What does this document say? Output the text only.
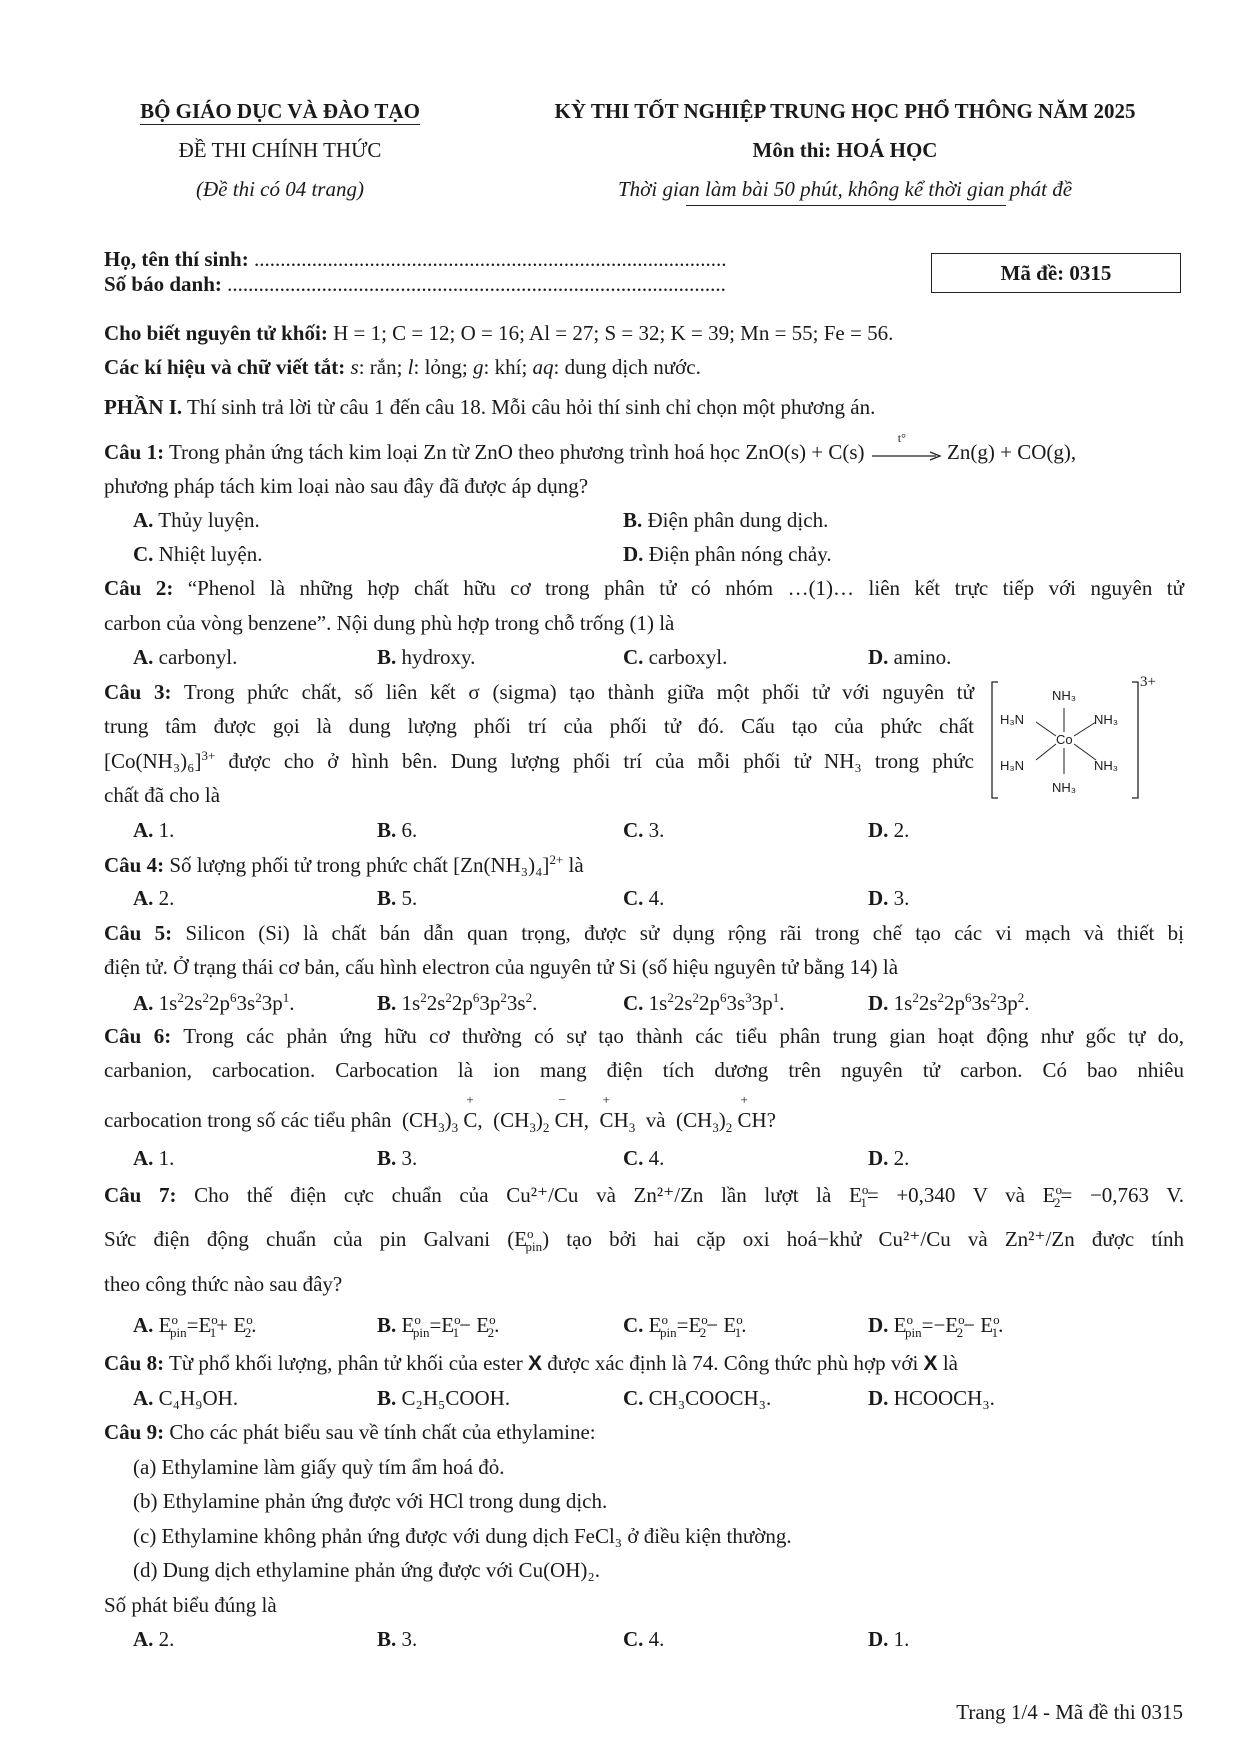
BỘ GIÁO DỤC VÀ ĐÀO TẠO
ĐỀ THI CHÍNH THỨC
(Đề thi có 04 trang)
KỲ THI TỐT NGHIỆP TRUNG HỌC PHỔ THÔNG NĂM 2025
Môn thi: HOÁ HỌC
Thời gian làm bài 50 phút, không kể thời gian phát đề
Họ, tên thí sinh: ..........................................................................................
Số báo danh: ...............................................................................................	Mã đề: 0315
Cho biết nguyên tử khối: H = 1; C = 12; O = 16; Al = 27; S = 32; K = 39; Mn = 55; Fe = 56.
Các kí hiệu và chữ viết tắt: s: rắn; l: lỏng; g: khí; aq: dung dịch nước.
PHẦN I. Thí sinh trả lời từ câu 1 đến câu 18. Mỗi câu hỏi thí sinh chỉ chọn một phương án.
Câu 1: Trong phản ứng tách kim loại Zn từ ZnO theo phương trình hoá học ZnO(s) + C(s)
t°
Zn(g) + CO(g),
phương pháp tách kim loại nào sau đây đã được áp dụng?
A. Thủy luyện.	B. Điện phân dung dịch.
C. Nhiệt luyện.	D. Điện phân nóng chảy.
Câu 2: “Phenol là những hợp chất hữu cơ trong phân tử có nhóm …(1)… liên kết trực tiếp với nguyên tử
carbon của vòng benzene”. Nội dung phù hợp trong chỗ trống (1) là
A. carbonyl.	B. hydroxy.	C. carboxyl.	D. amino.
Câu 3: Trong phức chất, số liên kết σ (sigma) tạo thành giữa một phối tử với nguyên tử
trung tâm được gọi là dung lượng phối trí của phối tử đó. Cấu tạo của phức chất
$[Co(NH_3)_6]^{3+}$ được cho ở hình bên. Dung lượng phối trí của mỗi phối tử NH₃ trong phức
chất đã cho là
NH₃
H₃N	NH₃
Co
H₃N	NH₃
NH₃
3+
A. 1.	B. 6.	C. 3.	D. 2.
Câu 4: Số lượng phối tử trong phức chất $[Zn(NH_3)_4]^{2+}$ là
A. 2.	B. 5.	C. 4.	D. 3.
Câu 5: Silicon (Si) là chất bán dẫn quan trọng, được sử dụng rộng rãi trong chế tạo các vi mạch và thiết bị
điện tử. Ở trạng thái cơ bản, cấu hình electron của nguyên tử Si (số hiệu nguyên tử bằng 14) là
A. $1s^22s^22p^63s^23p^1$.	B. $1s^22s^22p^63p^23s^2$.	C. $1s^22s^22p^63s^33p^1$.	D. $1s^22s^22p^63s^23p^2$.
Câu 6: Trong các phản ứng hữu cơ thường có sự tạo thành các tiểu phân trung gian hoạt động như gốc tự do,
carbanion, carbocation. Carbocation là ion mang điện tích dương trên nguyên tử carbon. Có bao nhiêu
carbocation trong số các tiểu phân  $(CH_3)_3$ C
+
,  $(CH_3)_2$ C
−
H,  C
+
$H_3$  và  $(CH_3)_2$ C
+
H?
A. 1.	B. 3.	C. 4.	D. 2.
Câu 7: Cho thế điện cực chuẩn của Cu²⁺/Cu và Zn²⁺/Zn lần lượt là $E^o_1= +0,340$ V và $E^o_2= -0,763$ V.
Sức điện động chuẩn của pin Galvani $(E^o_{pin})$ tạo bởi hai cặp oxi hoá−khử Cu²⁺/Cu và Zn²⁺/Zn được tính
theo công thức nào sau đây?
A. $E^o_{pin}=E^o_1+ E^o_2$.	B. $E^o_{pin}=E^o_1- E^o_2$.	C. $E^o_{pin}=E^o_2- E^o_1$.	D. $E^o_{pin}=-E^o_2- E^o_1$.
Câu 8: Từ phổ khối lượng, phân tử khối của ester X được xác định là 74. Công thức phù hợp với X là
A. C₄H₉OH.	B. C₂H₅COOH.	C. CH₃COOCH₃.	D. HCOOCH₃.
Câu 9: Cho các phát biểu sau về tính chất của ethylamine:
(a) Ethylamine làm giấy quỳ tím ẩm hoá đỏ.
(b) Ethylamine phản ứng được với HCl trong dung dịch.
(c) Ethylamine không phản ứng được với dung dịch FeCl₃ ở điều kiện thường.
(d) Dung dịch ethylamine phản ứng được với Cu(OH)₂.
Số phát biểu đúng là
A. 2.	B. 3.	C. 4.	D. 1.
Trang 1/4 - Mã đề thi 0315
